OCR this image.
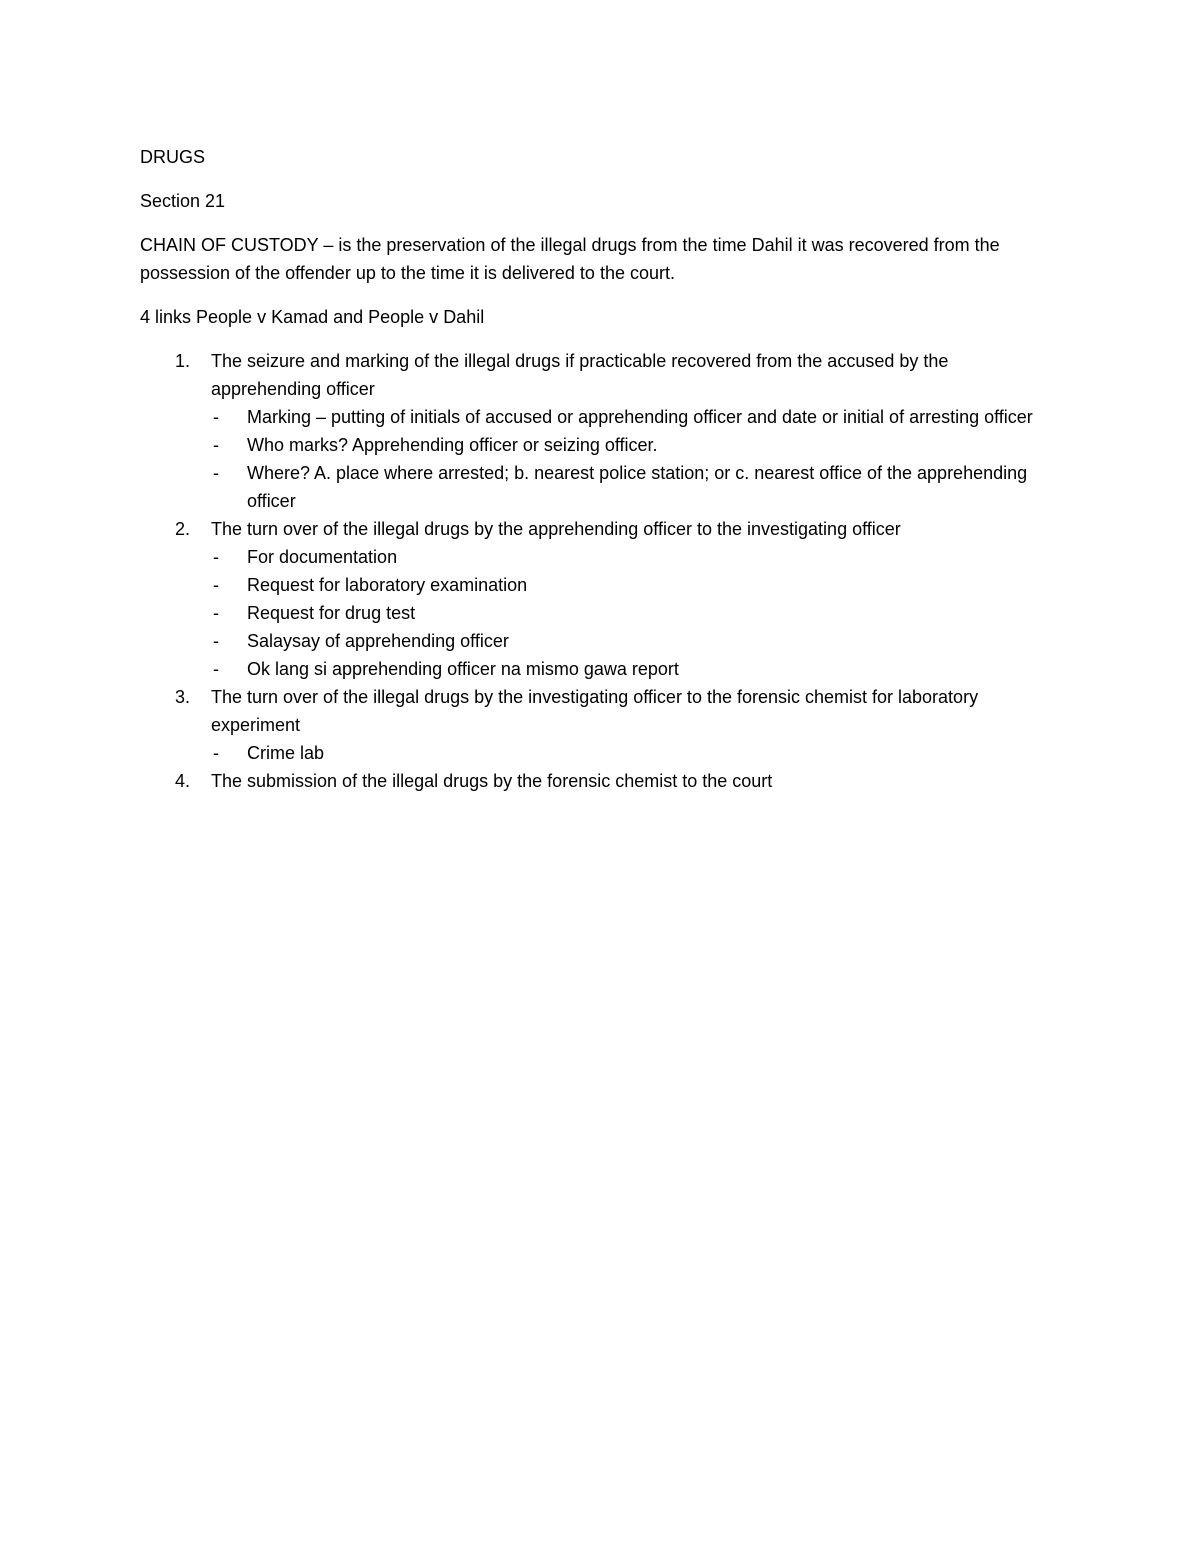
DRUGS

Section 21

CHAIN OF CUSTODY – is the preservation of the illegal drugs from the time Dahil it was recovered from the possession of the offender up to the time it is delivered to the court.

4 links People v Kamad and People v Dahil

1. The seizure and marking of the illegal drugs if practicable recovered from the accused by the apprehending officer
- Marking – putting of initials of accused or apprehending officer and date or initial of arresting officer
- Who marks? Apprehending officer or seizing officer.
- Where? A. place where arrested; b. nearest police station; or c. nearest office of the apprehending officer
2. The turn over of the illegal drugs by the apprehending officer to the investigating officer
- For documentation
- Request for laboratory examination
- Request for drug test
- Salaysay of apprehending officer
- Ok lang si apprehending officer na mismo gawa report
3. The turn over of the illegal drugs by the investigating officer to the forensic chemist for laboratory experiment
- Crime lab
4. The submission of the illegal drugs by the forensic chemist to the court
